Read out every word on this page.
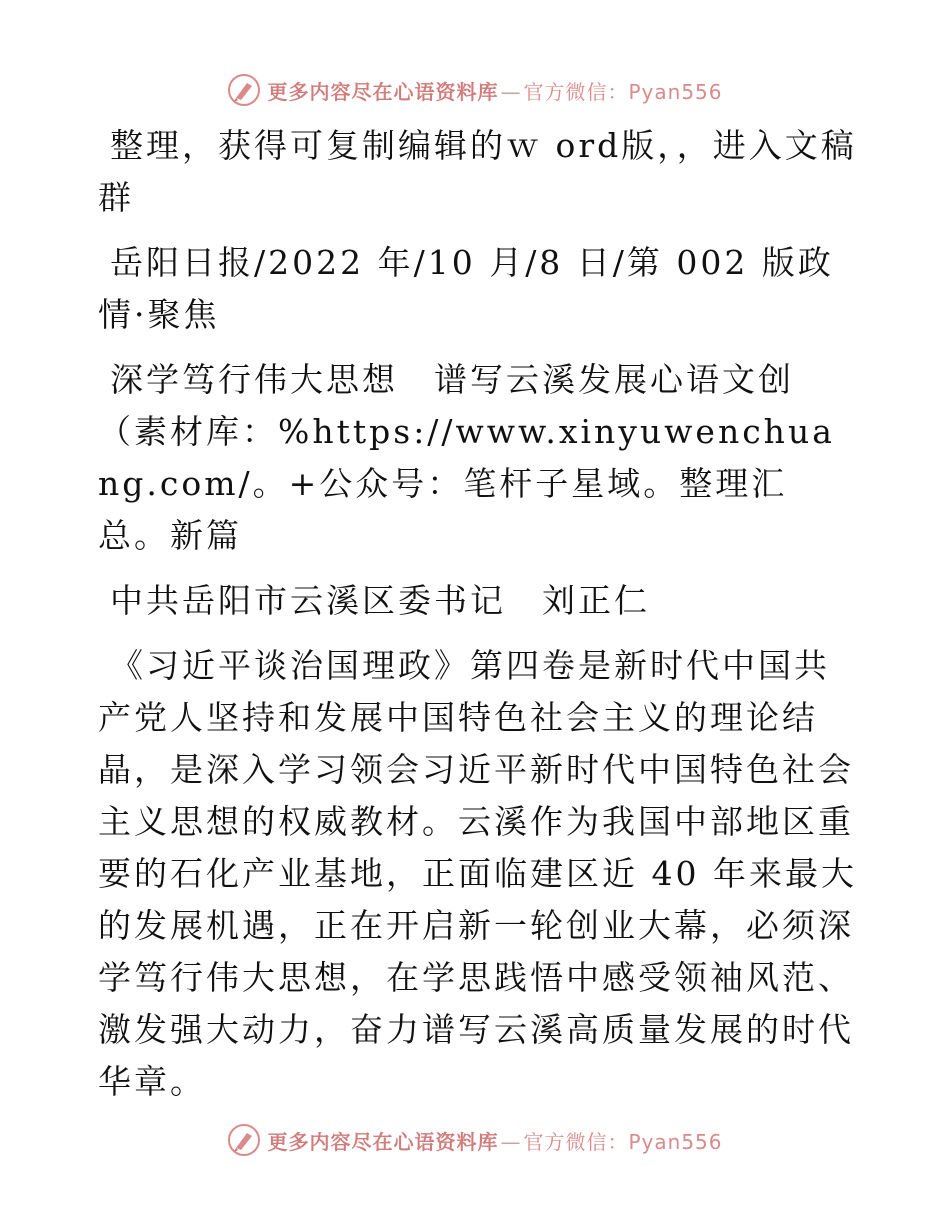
更多内容尽在心语资料库 — 官方微信：Pyan556

整理，获得可复制编辑的ｗ ord版，，进入文稿群

岳阳日报/2022 年/10 月/8 日/第 002 版政情·聚焦

深学笃行伟大思想　谱写云溪发展心语文创（素材库：%https://www.xinyuwenchuang.com/。+公众号：笔杆子星域。整理汇总。新篇

中共岳阳市云溪区委书记　刘正仁

《习近平谈治国理政》第四卷是新时代中国共产党人坚持和发展中国特色社会主义的理论结晶，是深入学习领会习近平新时代中国特色社会主义思想的权威教材。云溪作为我国中部地区重要的石化产业基地，正面临建区近 40 年来最大的发展机遇，正在开启新一轮创业大幕，必须深学笃行伟大思想，在学思践悟中感受领袖风范、激发强大动力，奋力谱写云溪高质量发展的时代华章。

更多内容尽在心语资料库 — 官方微信：Pyan556
